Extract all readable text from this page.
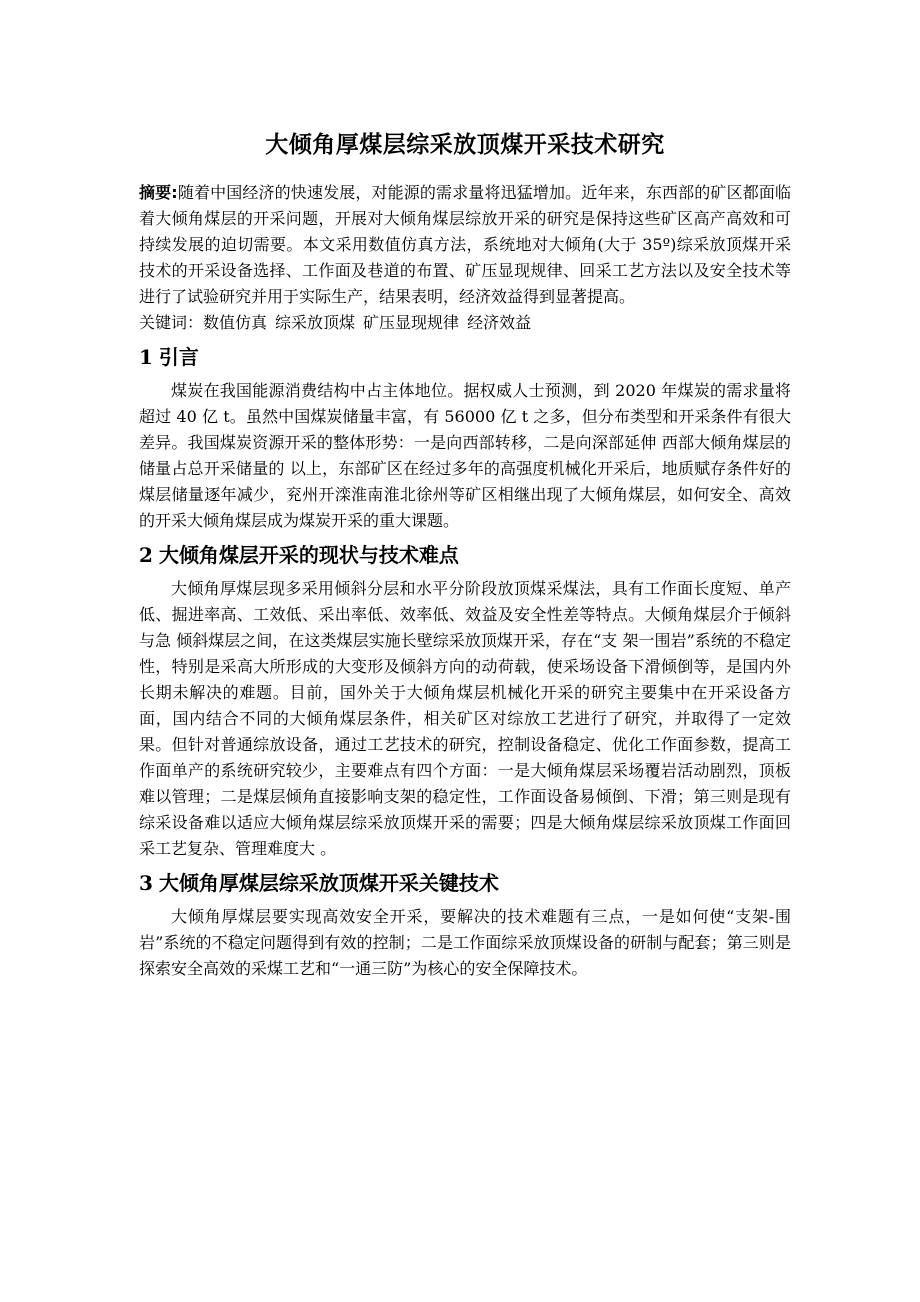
大倾角厚煤层综采放顶煤开采技术研究

摘要:随着中国经济的快速发展，对能源的需求量将迅猛增加。近年来，东西部的矿区都面临着大倾角煤层的开采问题，开展对大倾角煤层综放开采的研究是保持这些矿区高产高效和可持续发展的迫切需要。本文采用数值仿真方法，系统地对大倾角(大于 35º)综采放顶煤开采技术的开采设备选择、工作面及巷道的布置、矿压显现规律、回采工艺方法以及安全技术等进行了试验研究并用于实际生产，结果表明，经济效益得到显著提高。

关键词：数值仿真 综采放顶煤 矿压显现规律 经济效益

1 引言

煤炭在我国能源消费结构中占主体地位。据权威人士预测，到 2020 年煤炭的需求量将超过 40 亿 t。虽然中国煤炭储量丰富，有 56000 亿 t 之多，但分布类型和开采条件有很大差异。我国煤炭资源开采的整体形势：一是向西部转移，二是向深部延伸 西部大倾角煤层的储量占总开采储量的 以上，东部矿区在经过多年的高强度机械化开采后，地质赋存条件好的煤层储量逐年减少，兖州开滦淮南淮北徐州等矿区相继出现了大倾角煤层，如何安全、高效的开采大倾角煤层成为煤炭开采的重大课题。

2 大倾角煤层开采的现状与技术难点

大倾角厚煤层现多采用倾斜分层和水平分阶段放顶煤采煤法，具有工作面长度短、单产低、掘进率高、工效低、采出率低、效率低、效益及安全性差等特点。大倾角煤层介于倾斜与急 倾斜煤层之间，在这类煤层实施长壁综采放顶煤开采，存在“支 架一围岩”系统的不稳定性，特别是采高大所形成的大变形及倾斜方向的动荷载，使采场设备下滑倾倒等，是国内外长期未解决的难题。目前，国外关于大倾角煤层机械化开采的研究主要集中在开采设备方面，国内结合不同的大倾角煤层条件，相关矿区对综放工艺进行了研究，并取得了一定效果。但针对普通综放设备，通过工艺技术的研究，控制设备稳定、优化工作面参数，提高工作面单产的系统研究较少，主要难点有四个方面：一是大倾角煤层采场覆岩活动剧烈，顶板难以管理；二是煤层倾角直接影响支架的稳定性，工作面设备易倾倒、下滑；第三则是现有综采设备难以适应大倾角煤层综采放顶煤开采的需要；四是大倾角煤层综采放顶煤工作面回采工艺复杂、管理难度大 。

3 大倾角厚煤层综采放顶煤开采关键技术

大倾角厚煤层要实现高效安全开采，要解决的技术难题有三点，一是如何使“支架-围岩”系统的不稳定问题得到有效的控制；二是工作面综采放顶煤设备的研制与配套；第三则是探索安全高效的采煤工艺和“一通三防”为核心的安全保障技术。
